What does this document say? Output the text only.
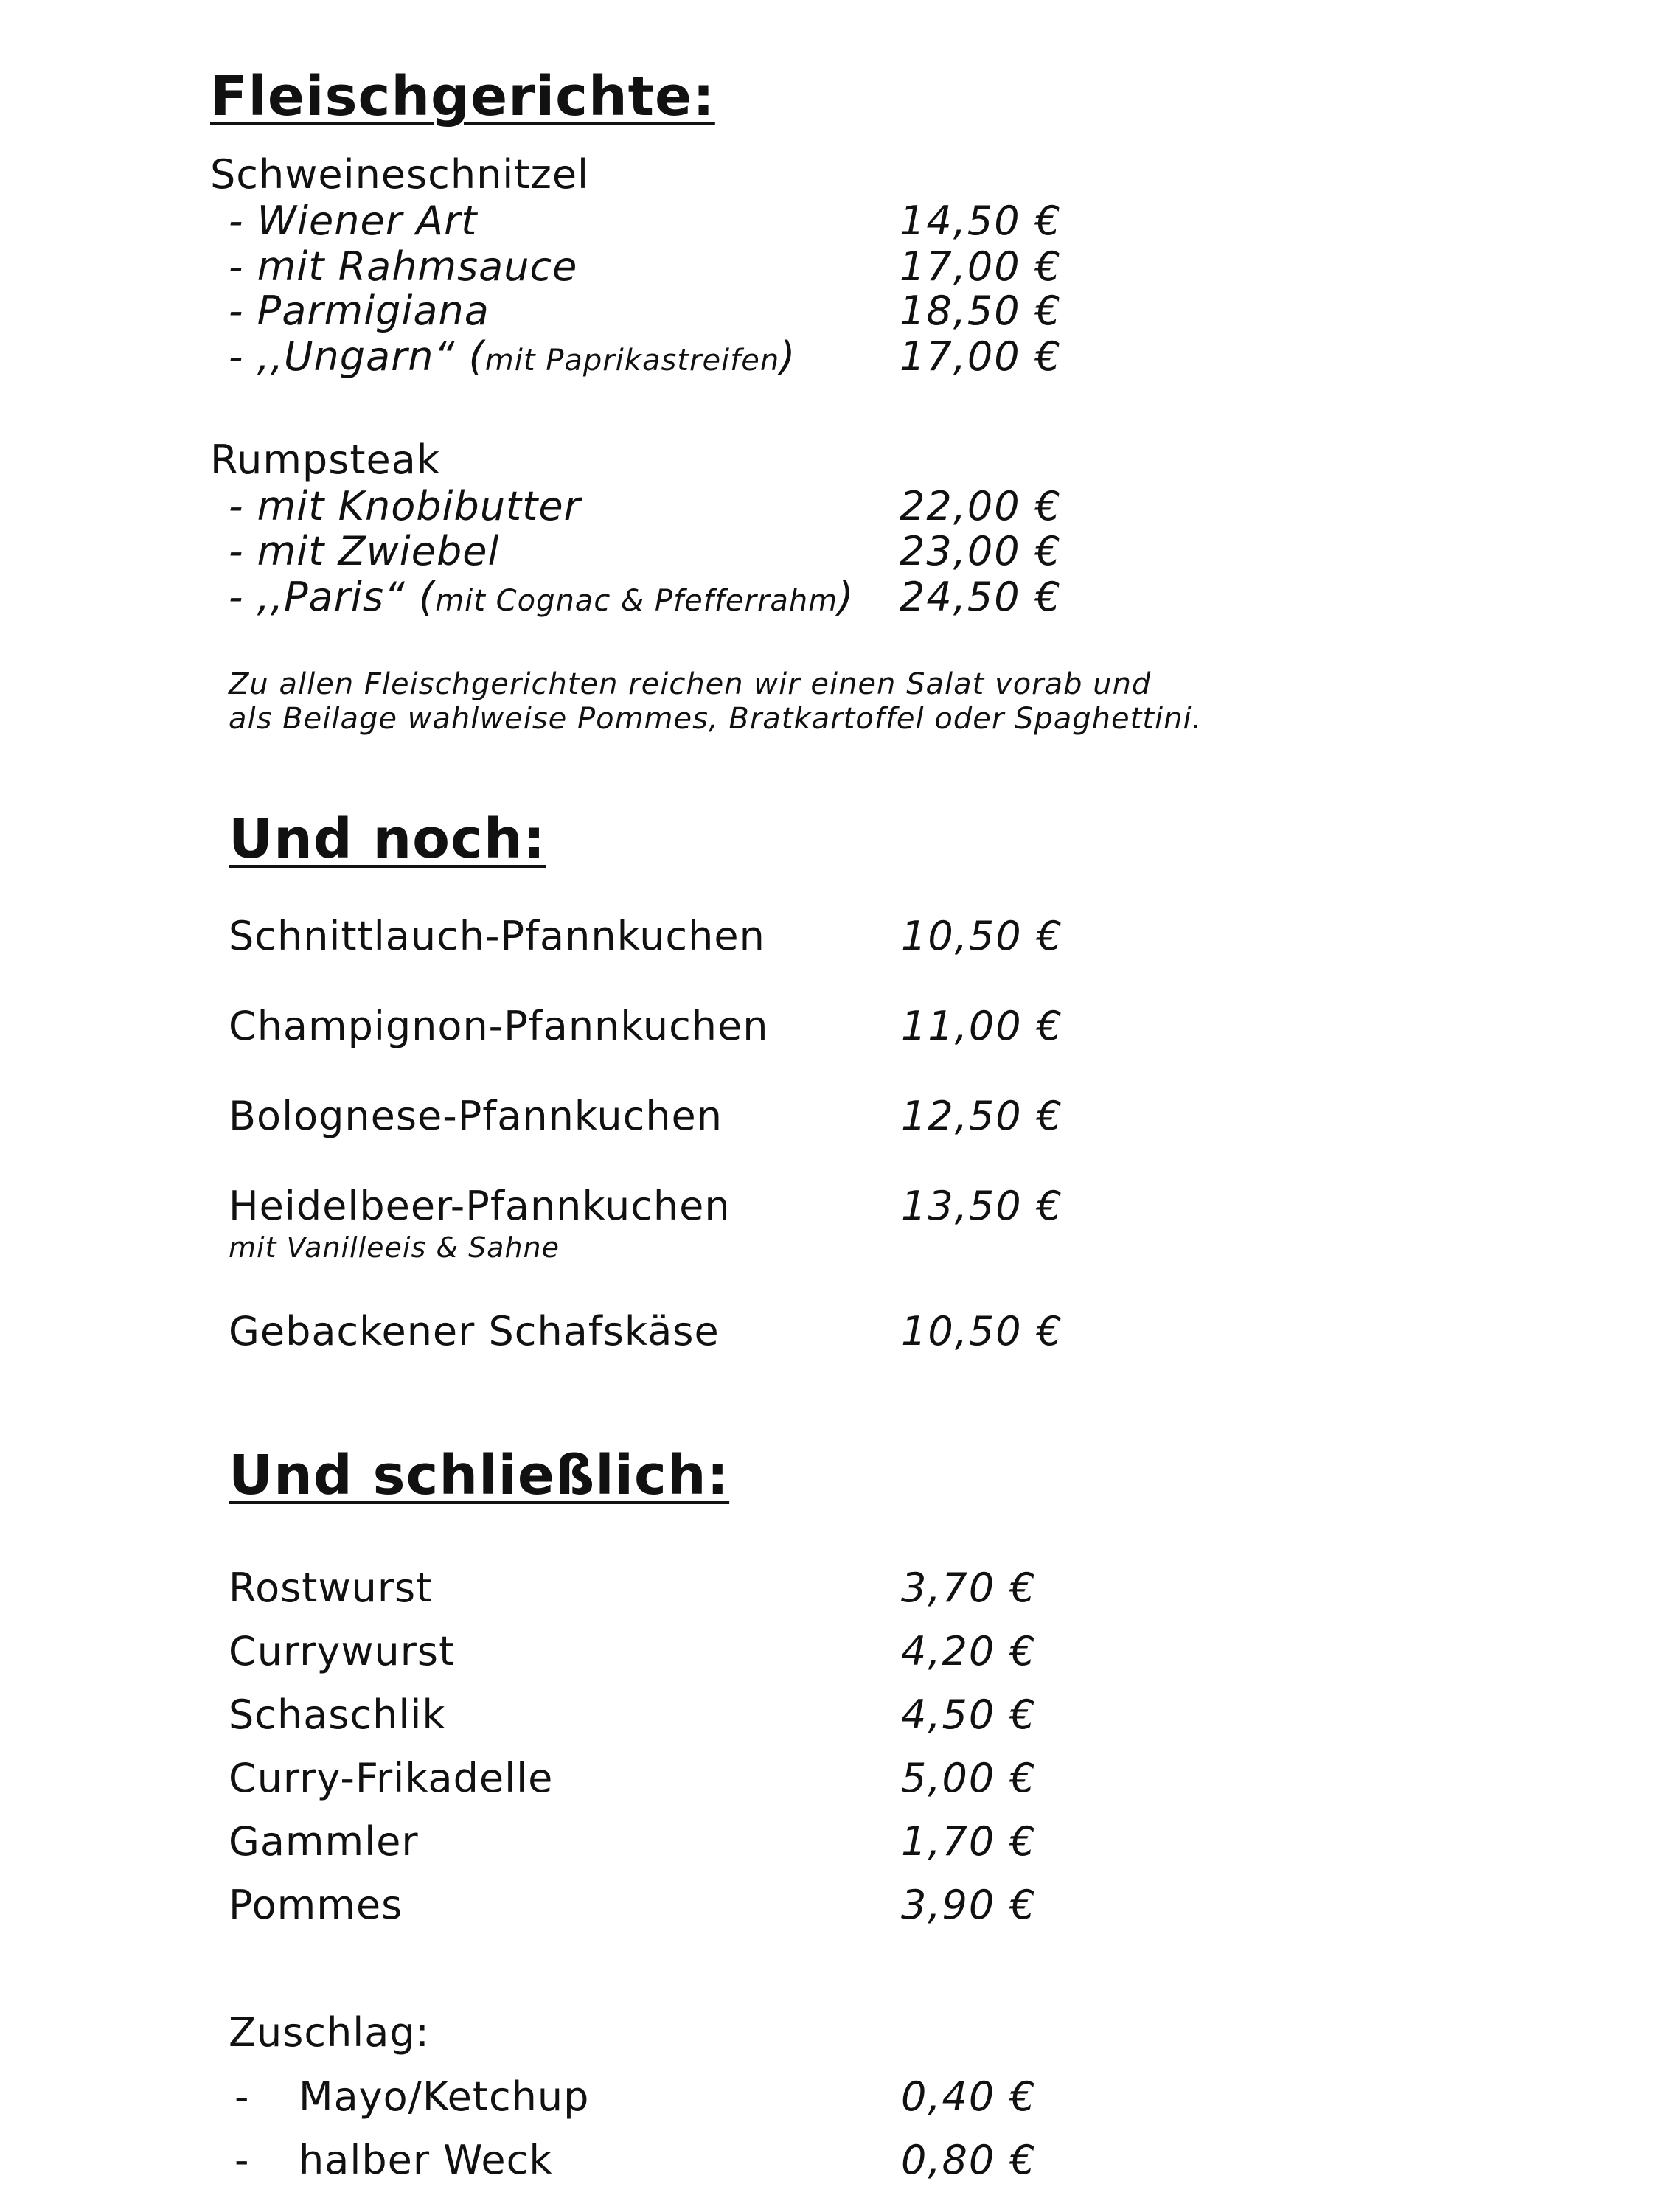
Fleischgerichte:
Schweineschnitzel
- Wiener Art	14,50 €
- mit Rahmsauce	17,00 €
- Parmigiana	18,50 €
- ,,Ungarn“ (mit Paprikastreifen)	17,00 €
Rumpsteak
- mit Knobibutter	22,00 €
- mit Zwiebel	23,00 €
- ,,Paris“ (mit Cognac & Pfefferrahm) 24,50 €
Zu allen Fleischgerichten reichen wir einen Salat vorab und
als Beilage wahlweise Pommes, Bratkartoffel oder Spaghettini.
Und noch:
Schnittlauch-Pfannkuchen	10,50 €
Champignon-Pfannkuchen	11,00 €
Bolognese-Pfannkuchen	12,50 €
Heidelbeer-Pfannkuchen	13,50 €
mit Vanilleeis & Sahne
Gebackener Schafskäse	10,50 €
Und schließlich:
Rostwurst	3,70 €
Currywurst	4,20 €
Schaschlik	4,50 €
Curry-Frikadelle	5,00 €
Gammler	1,70 €
Pommes	3,90 €
Zuschlag:
- Mayo/Ketchup	0,40 €
- halber Weck	0,80 €
